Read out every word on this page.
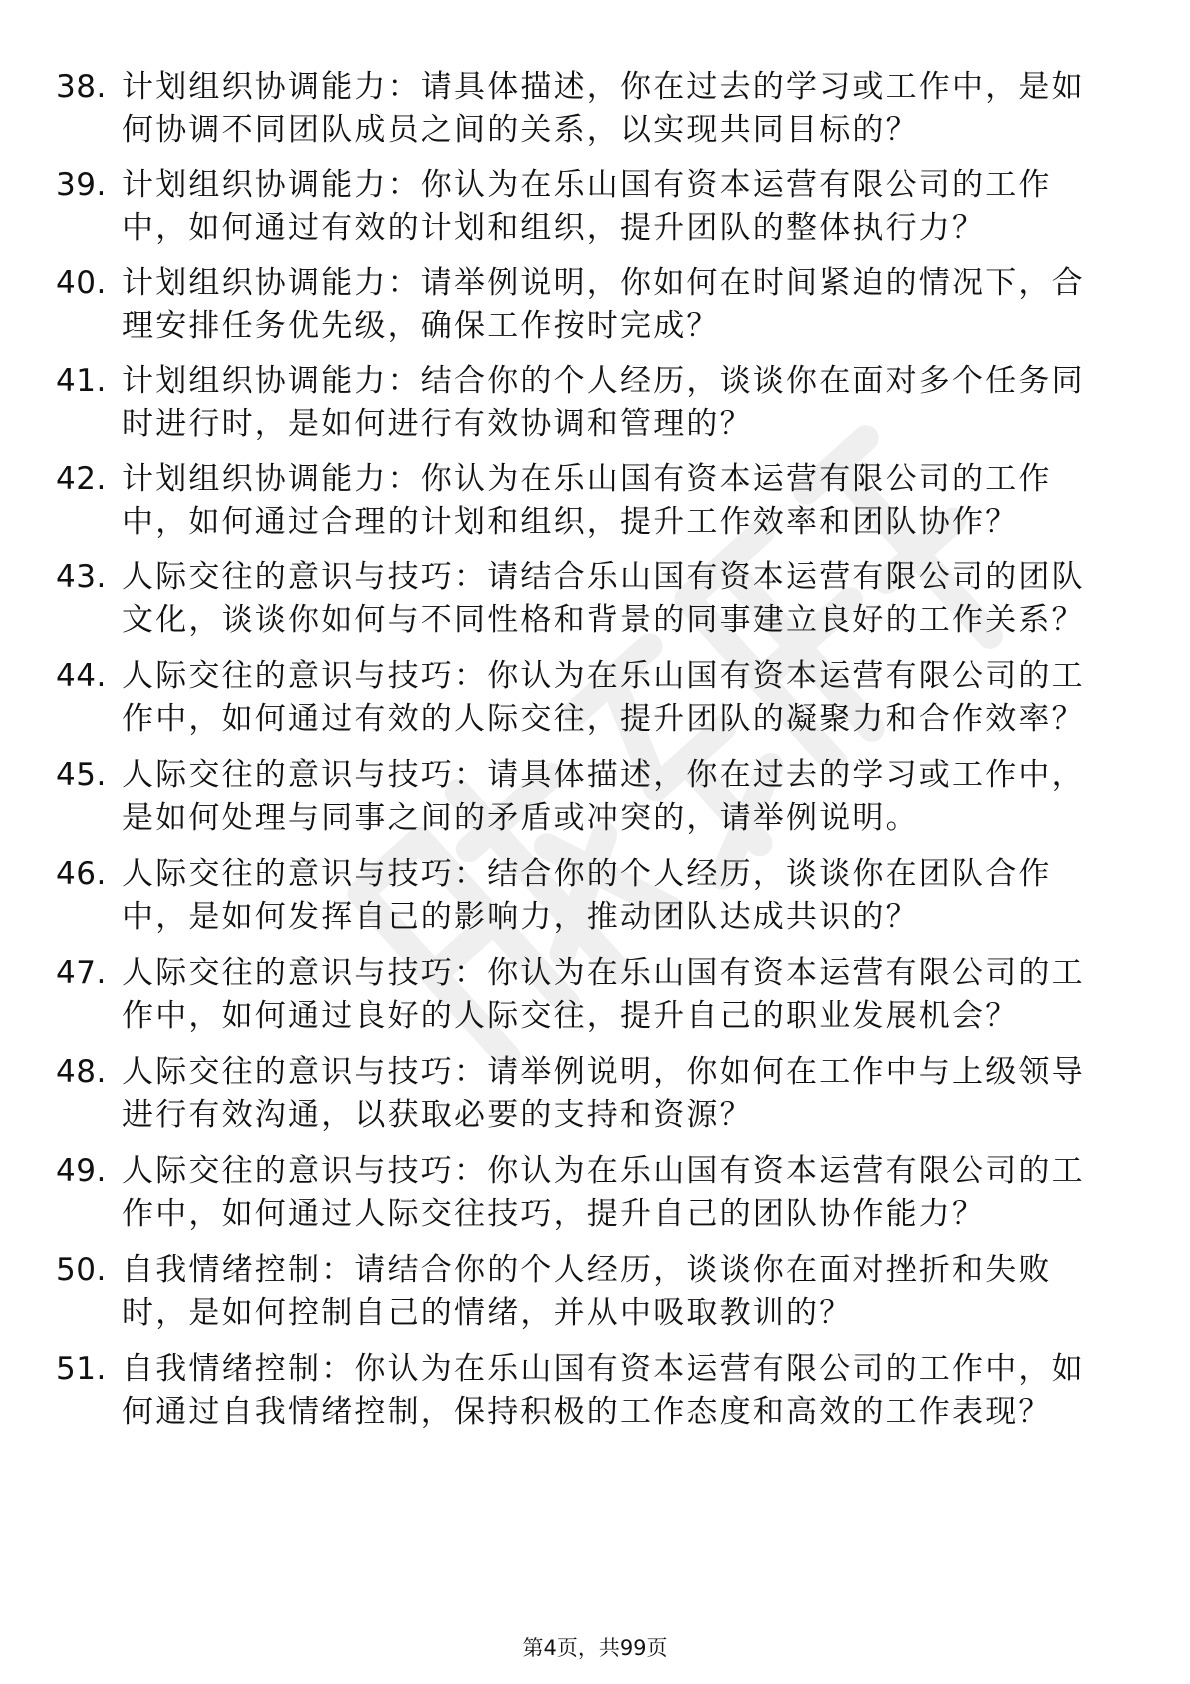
38. 计划组织协调能力：请具体描述，你在过去的学习或工作中，是如何协调不同团队成员之间的关系，以实现共同目标的？
39. 计划组织协调能力：你认为在乐山国有资本运营有限公司的工作中，如何通过有效的计划和组织，提升团队的整体执行力？
40. 计划组织协调能力：请举例说明，你如何在时间紧迫的情况下，合理安排任务优先级，确保工作按时完成？
41. 计划组织协调能力：结合你的个人经历，谈谈你在面对多个任务同时进行时，是如何进行有效协调和管理的？
42. 计划组织协调能力：你认为在乐山国有资本运营有限公司的工作中，如何通过合理的计划和组织，提升工作效率和团队协作？
43. 人际交往的意识与技巧：请结合乐山国有资本运营有限公司的团队文化，谈谈你如何与不同性格和背景的同事建立良好的工作关系？
44. 人际交往的意识与技巧：你认为在乐山国有资本运营有限公司的工作中，如何通过有效的人际交往，提升团队的凝聚力和合作效率？
45. 人际交往的意识与技巧：请具体描述，你在过去的学习或工作中，是如何处理与同事之间的矛盾或冲突的，请举例说明。
46. 人际交往的意识与技巧：结合你的个人经历，谈谈你在团队合作中，是如何发挥自己的影响力，推动团队达成共识的？
47. 人际交往的意识与技巧：你认为在乐山国有资本运营有限公司的工作中，如何通过良好的人际交往，提升自己的职业发展机会？
48. 人际交往的意识与技巧：请举例说明，你如何在工作中与上级领导进行有效沟通，以获取必要的支持和资源？
49. 人际交往的意识与技巧：你认为在乐山国有资本运营有限公司的工作中，如何通过人际交往技巧，提升自己的团队协作能力？
50. 自我情绪控制：请结合你的个人经历，谈谈你在面对挫折和失败时，是如何控制自己的情绪，并从中吸取教训的？
51. 自我情绪控制：你认为在乐山国有资本运营有限公司的工作中，如何通过自我情绪控制，保持积极的工作态度和高效的工作表现？
第4页，共99页
